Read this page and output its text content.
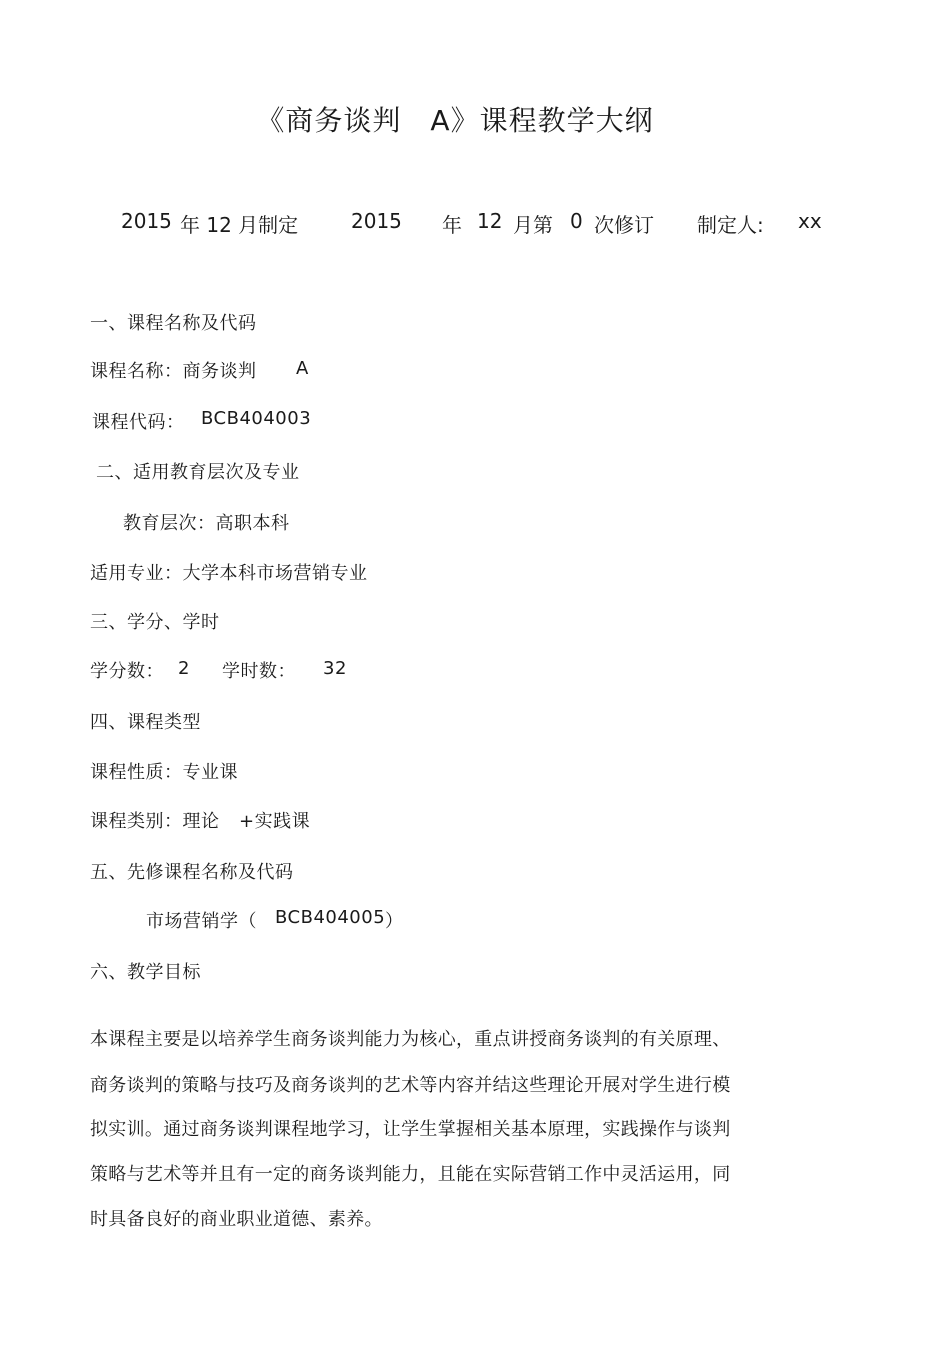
《商务谈判　A》课程教学大纲
2015 年 12 月制定	2015 年 12 月第 0 次修订 制定人: xx
一、课程名称及代码
课程名称：商务谈判 A
课程代码： BCB404003
二、适用教育层次及专业
教育层次：高职本科
适用专业：大学本科市场营销专业
三、学分、学时
学分数： 2 学时数： 32
四、课程类型
课程性质：专业课
课程类别：理论 +实践课
五、先修课程名称及代码
市场营销学（ BCB404005 ）
六、教学目标
本课程主要是以培养学生商务谈判能力为核心，重点讲授商务谈判的有关原理、
商务谈判的策略与技巧及商务谈判的艺术等内容并结这些理论开展对学生进行模
拟实训。通过商务谈判课程地学习，让学生掌握相关基本原理，实践操作与谈判
策略与艺术等并且有一定的商务谈判能力，且能在实际营销工作中灵活运用，同
时具备良好的商业职业道德、素养。
